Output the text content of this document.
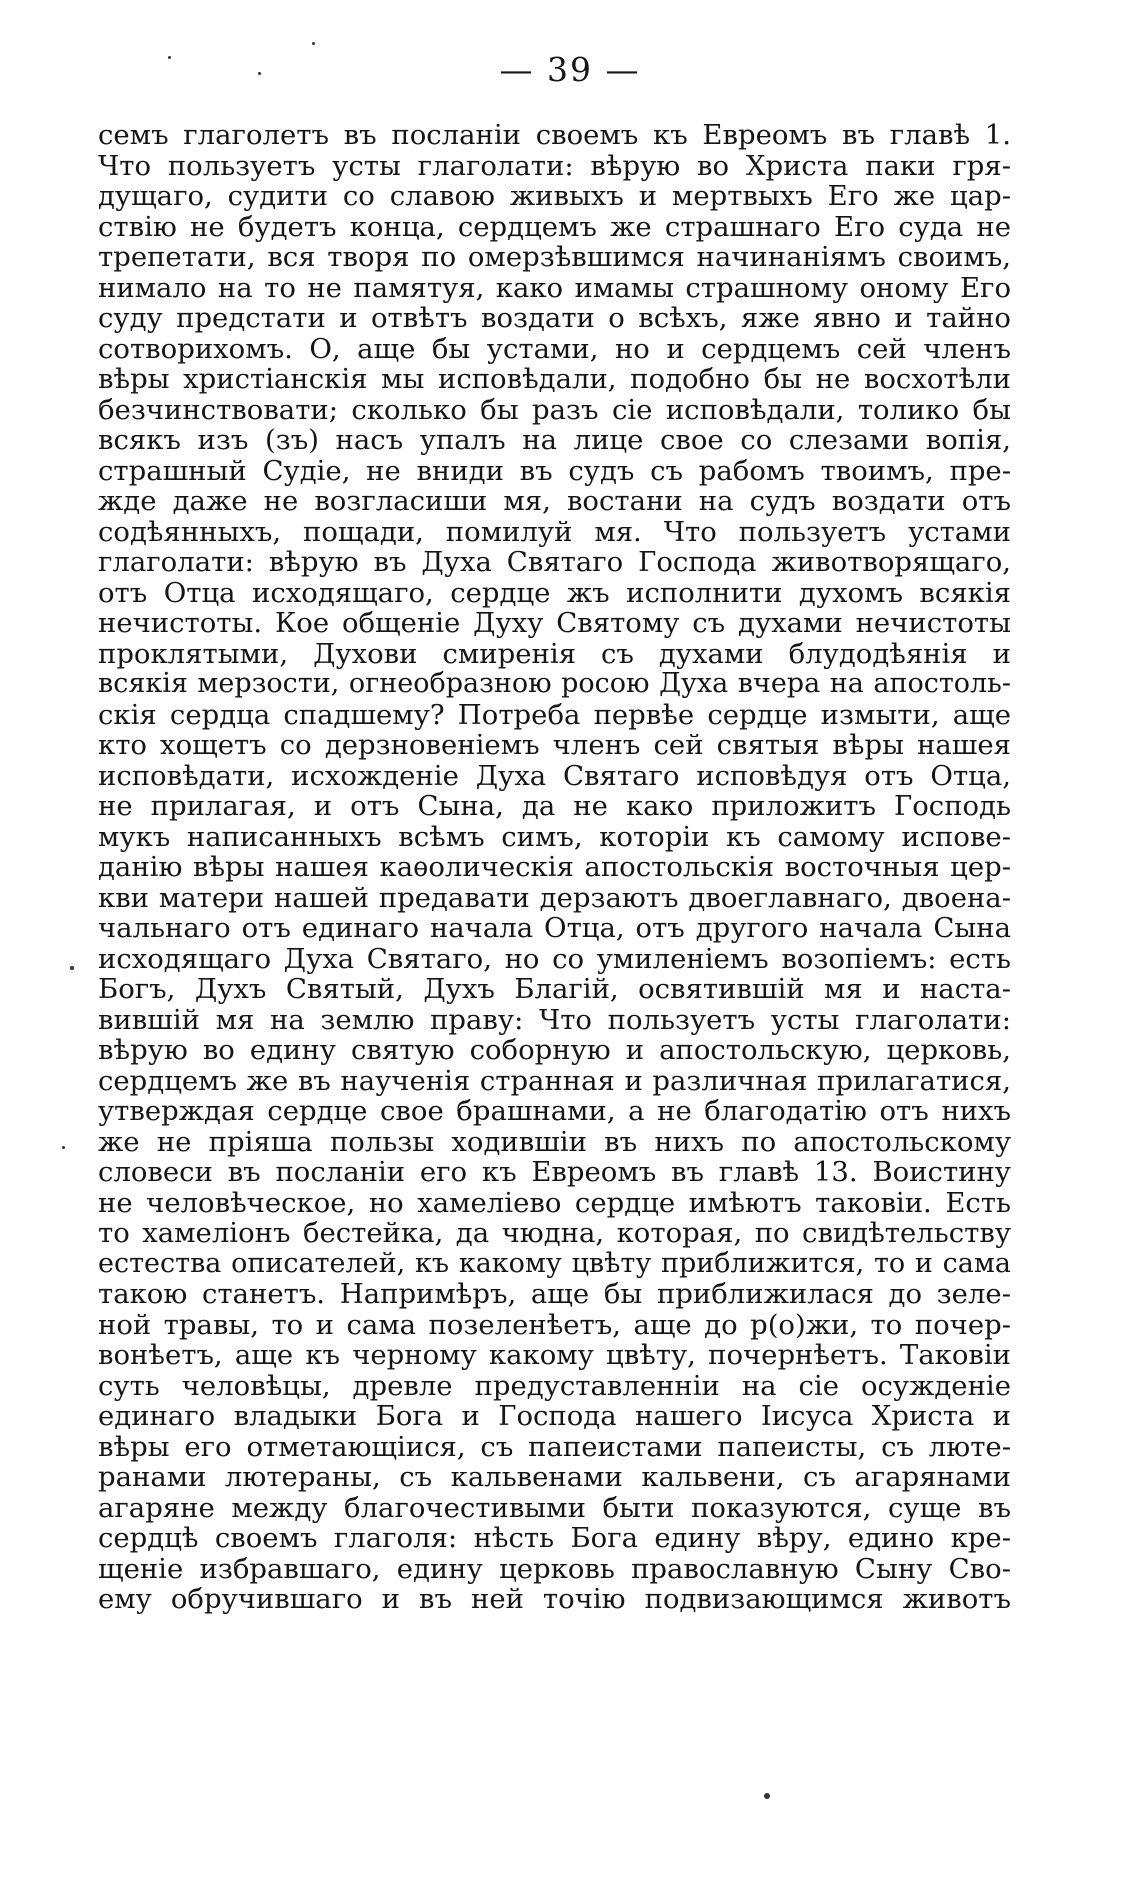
— 39 —
семъ глаголетъ въ посланіи своемъ къ Евреомъ въ главѣ 1.
Что пользуетъ усты глаголати: вѣрую во Христа паки гря-
дущаго, судити со славою живыхъ и мертвыхъ Его же цар-
ствію не будетъ конца, сердцемъ же страшнаго Его суда не
трепетати, вся творя по омерзѣвшимся начинаніямъ своимъ,
нимало на то не памятуя, како имамы страшному оному Его
суду предстати и отвѣтъ воздати о всѣхъ, яже явно и тайно
сотворихомъ. О, аще бы устами, но и сердцемъ сей членъ
вѣры христіанскія мы исповѣдали, подобно бы не восхотѣли
безчинствовати; сколько бы разъ сіе исповѣдали, толико бы
всякъ изъ (зъ) насъ упалъ на лице свое со слезами вопія,
страшный Судіе, не вниди въ судъ съ рабомъ твоимъ, пре-
жде даже не возгласиши мя, востани на судъ воздати отъ
содѣянныхъ, пощади, помилуй мя. Что пользуетъ устами
глаголати: вѣрую въ Духа Святаго Господа животворящаго,
отъ Отца исходящаго, сердце жъ исполнити духомъ всякія
нечистоты. Кое общеніе Духу Святому съ духами нечистоты
проклятыми, Духови смиренія съ духами блудодѣянія и
всякія мерзости, огнеобразною росою Духа вчера на апостоль-
скія сердца спадшему? Потреба первѣе сердце измыти, аще
кто хощетъ со дерзновеніемъ членъ сей святыя вѣры нашея
исповѣдати, исхожденіе Духа Святаго исповѣдуя отъ Отца,
не прилагая, и отъ Сына, да не како приложитъ Господь
мукъ написанныхъ всѣмъ симъ, которіи къ самому испове-
данію вѣры нашея каѳолическія апостольскія восточныя цер-
кви матери нашей предавати дерзаютъ двоеглавнаго, двоена-
чальнаго отъ единаго начала Отца, отъ другого начала Сына
исходящаго Духа Святаго, но со умиленіемъ возопіемъ: есть
Богъ, Духъ Святый, Духъ Благій, освятившій мя и наста-
вившій мя на землю праву: Что пользуетъ усты глаголати:
вѣрую во едину святую соборную и апостольскую, церковь,
сердцемъ же въ наученія странная и различная прилагатися,
утверждая сердце свое брашнами, а не благодатію отъ нихъ
же не пріяша пользы ходившіи въ нихъ по апостольскому
словеси въ посланіи его къ Евреомъ въ главѣ 13. Воистину
не человѣческое, но хамеліево сердце имѣютъ таковіи. Есть
то хамеліонъ бестейка, да чюдна, которая, по свидѣтельству
естества описателей, къ какому цвѣту приближится, то и сама
такою станетъ. Напримѣръ, аще бы приближилася до зеле-
ной травы, то и сама позеленѣетъ, аще до р(о)жи, то почер-
вонѣетъ, аще къ черному какому цвѣту, почернѣетъ. Таковіи
суть человѣцы, древле предуставленніи на сіе осужденіе
единаго владыки Бога и Господа нашего Іисуса Христа и
вѣры его отметающіися, съ папеистами папеисты, съ люте-
ранами лютераны, съ кальвенами кальвени, съ агарянами
агаряне между благочестивыми быти показуются, суще въ
сердцѣ своемъ глаголя: нѣсть Бога едину вѣру, едино кре-
щеніе избравшаго, едину церковь православную Сыну Сво-
ему обручившаго и въ ней точію подвизающимся животъ
